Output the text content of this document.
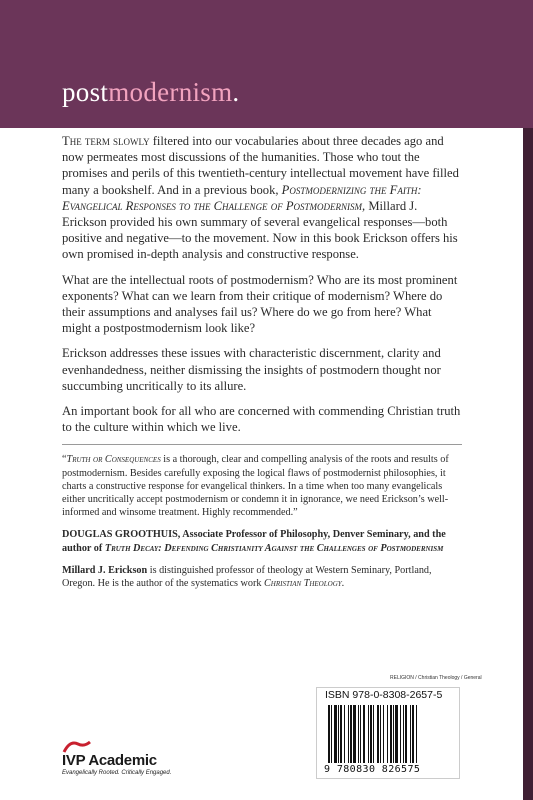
postmodernism.

The term slowly filtered into our vocabularies about three decades ago and now permeates most discussions of the humanities. Those who tout the promises and perils of this twentieth-century intellectual movement have filled many a bookshelf. And in a previous book, Postmodernizing the Faith: Evangelical Responses to the Challenge of Postmodernism, Millard J. Erickson provided his own summary of several evangelical responses—both positive and negative—to the movement. Now in this book Erickson offers his own promised in-depth analysis and constructive response.

What are the intellectual roots of postmodernism? Who are its most prominent exponents? What can we learn from their critique of modernism? Where do their assumptions and analyses fail us? Where do we go from here? What might a postpostmodernism look like?

Erickson addresses these issues with characteristic discernment, clarity and evenhandedness, neither dismissing the insights of postmodern thought nor succumbing uncritically to its allure.

An important book for all who are concerned with commending Christian truth to the culture within which we live.

“Truth or Consequences is a thorough, clear and compelling analysis of the roots and results of postmodernism. Besides carefully exposing the logical flaws of postmodernist philosophies, it charts a constructive response for evangelical thinkers. In a time when too many evangelicals either uncritically accept postmodernism or condemn it in ignorance, we need Erickson’s well-informed and winsome treatment. Highly recommended.”

DOUGLAS GROOTHUIS, Associate Professor of Philosophy, Denver Seminary, and the author of Truth Decay: Defending Christianity Against the Challenges of Postmodernism

Millard J. Erickson is distinguished professor of theology at Western Seminary, Portland, Oregon. He is the author of the systematics work Christian Theology.

RELIGION / Christian Theology / General
ISBN 978-0-8308-2657-5
9 780830 826575
IVP Academic
Evangelically Rooted. Critically Engaged.
